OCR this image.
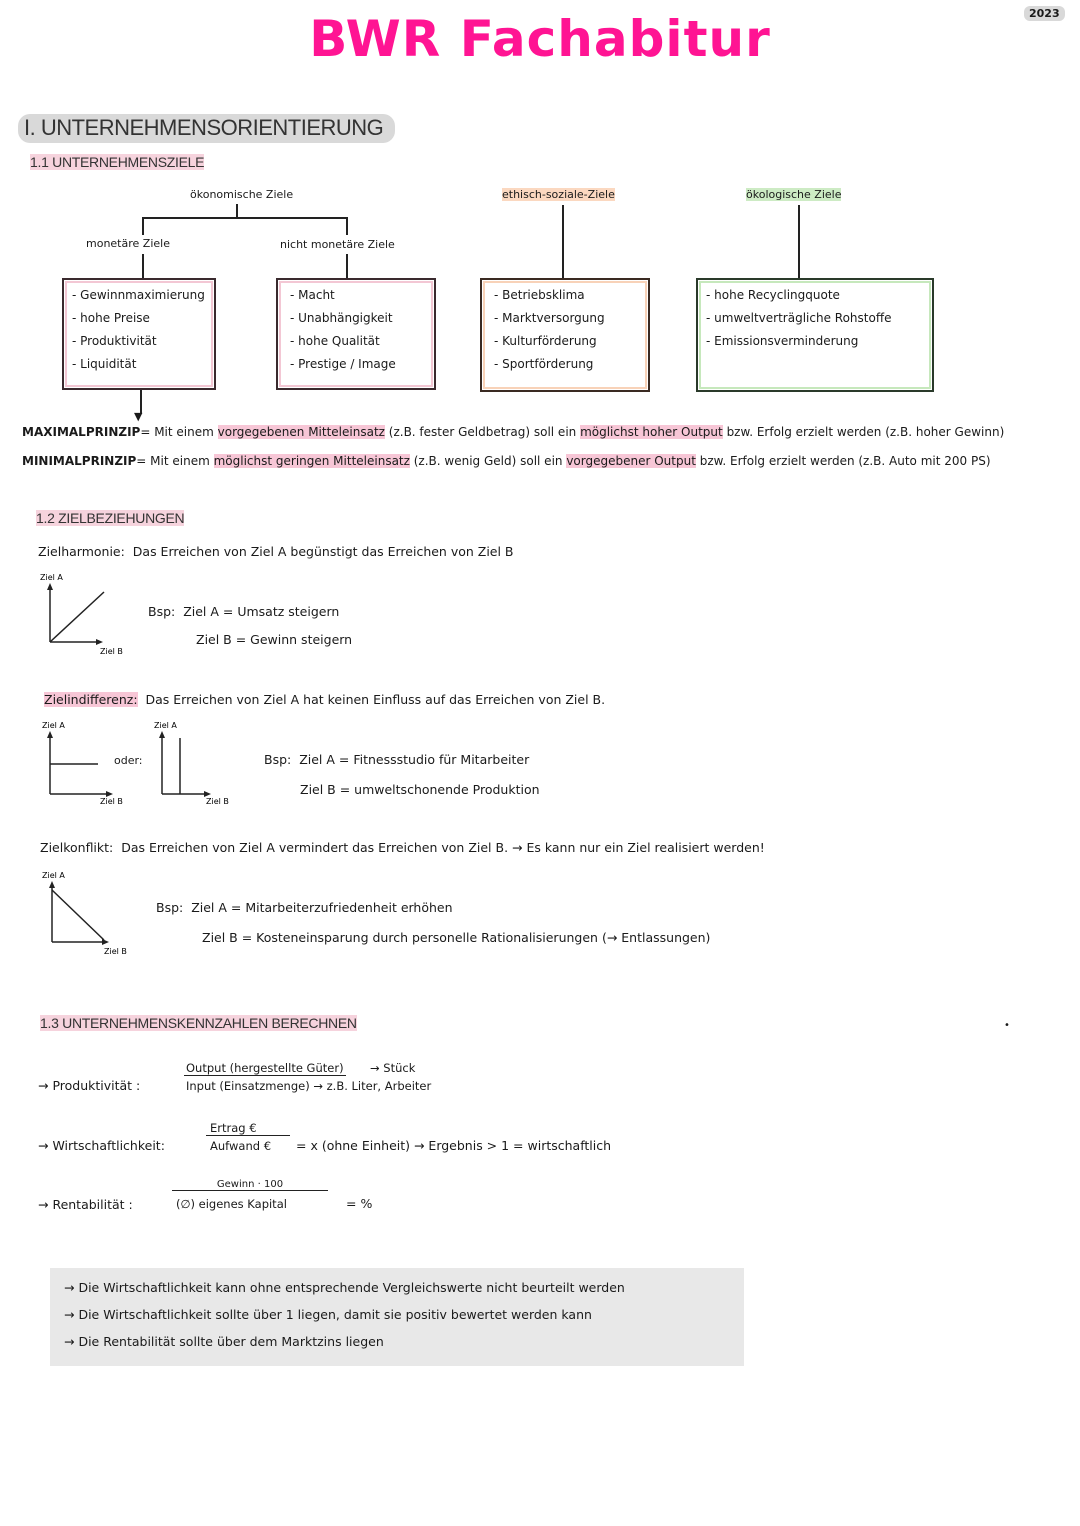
2023
BWR Fachabitur
I. UNTERNEHMENSORIENTIERUNG
1.1 UNTERNEHMENSZIELE
ökonomische Ziele	ethisch-soziale-Ziele	ökologische Ziele
monetäre Ziele	nicht monetäre Ziele
- Gewinnmaximierung
- hohe Preise
- Produktivität
- Liquidität
- Macht
- Unabhängigkeit
- hohe Qualität
- Prestige / Image
- Betriebsklima
- Marktversorgung
- Kulturförderung
- Sportförderung
- hohe Recyclingquote
- umweltverträgliche Rohstoffe
- Emissionsverminderung
▼
MAXIMALPRINZIP= Mit einem vorgegebenen Mitteleinsatz (z.B. fester Geldbetrag) soll ein möglichst hoher Output bzw. Erfolg erzielt werden (z.B. hoher Gewinn)
MINIMALPRINZIP= Mit einem möglichst geringen Mitteleinsatz (z.B. wenig Geld) soll ein vorgegebener Output bzw. Erfolg erzielt werden (z.B. Auto mit 200 PS)
1.2 ZIELBEZIEHUNGEN
Zielharmonie: Das Erreichen von Ziel A begünstigt das Erreichen von Ziel B
Ziel A
Ziel B
Bsp: Ziel A = Umsatz steigern
Ziel B = Gewinn steigern
Zielindifferenz: Das Erreichen von Ziel A hat keinen Einfluss auf das Erreichen von Ziel B.
Ziel A
Ziel B
oder:
Ziel A
Ziel B
Bsp: Ziel A = Fitnessstudio für Mitarbeiter
Ziel B = umweltschonende Produktion
Zielkonflikt: Das Erreichen von Ziel A vermindert das Erreichen von Ziel B. → Es kann nur ein Ziel realisiert werden!
Ziel A
Ziel B
Bsp: Ziel A = Mitarbeiterzufriedenheit erhöhen
Ziel B = Kosteneinsparung durch personelle Rationalisierungen (→ Entlassungen)
1.3 UNTERNEHMENSKENNZAHLEN BERECHNEN
→ Produktivität :
Output (hergestellte Güter) → Stück
Input (Einsatzmenge) → z.B. Liter, Arbeiter
→ Wirtschaftlichkeit:
Ertrag €
Aufwand € = x (ohne Einheit) → Ergebnis > 1 = wirtschaftlich
→ Rentabilität :
Gewinn · 100
(∅) eigenes Kapital	= %
•
→ Die Wirtschaftlichkeit kann ohne entsprechende Vergleichswerte nicht beurteilt werden
→ Die Wirtschaftlichkeit sollte über 1 liegen, damit sie positiv bewertet werden kann
→ Die Rentabilität sollte über dem Marktzins liegen
